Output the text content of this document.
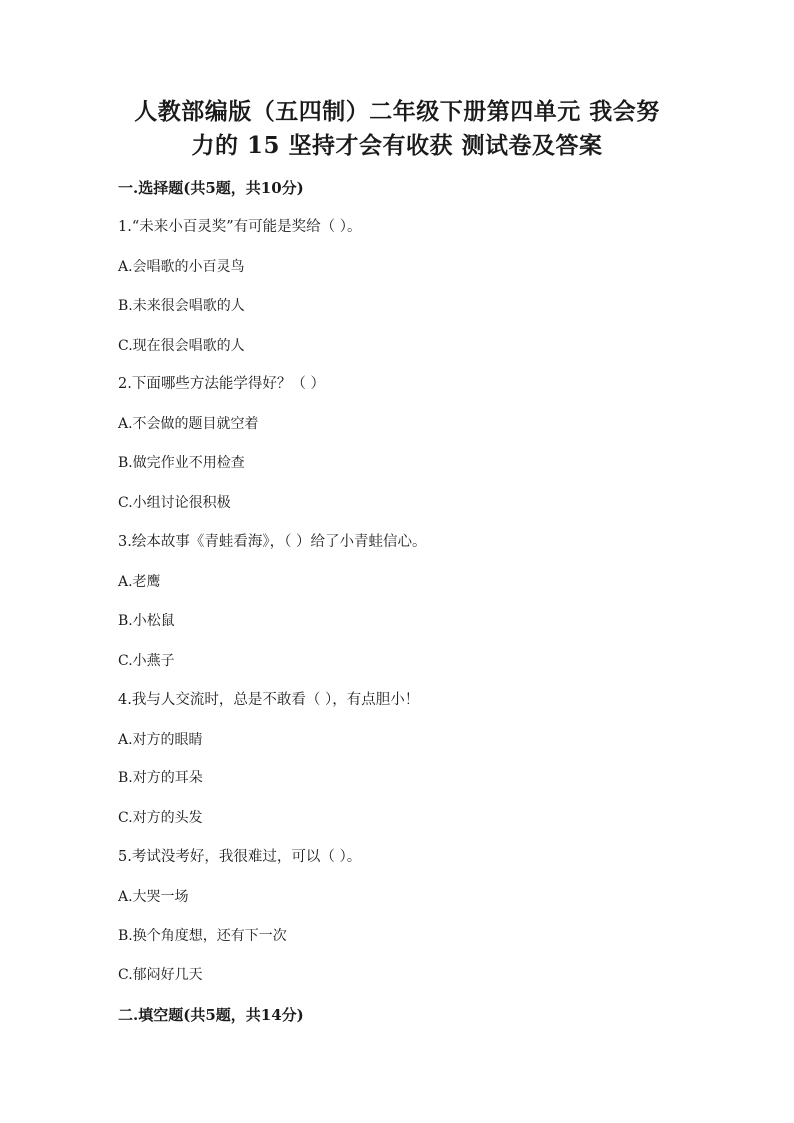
人教部编版（五四制）二年级下册第四单元 我会努
力的 15 坚持才会有收获 测试卷及答案
一.选择题(共5题，共10分)
1.“未来小百灵奖”有可能是奖给（ ）。
A.会唱歌的小百灵鸟
B.未来很会唱歌的人
C.现在很会唱歌的人
2.下面哪些方法能学得好？（ ）
A.不会做的题目就空着
B.做完作业不用检查
C.小组讨论很积极
3.绘本故事《青蛙看海》，（ ）给了小青蛙信心。
A.老鹰
B.小松鼠
C.小燕子
4.我与人交流时，总是不敢看（ ），有点胆小！
A.对方的眼睛
B.对方的耳朵
C.对方的头发
5.考试没考好，我很难过，可以（ ）。
A.大哭一场
B.换个角度想，还有下一次
C.郁闷好几天
二.填空题(共5题，共14分)
